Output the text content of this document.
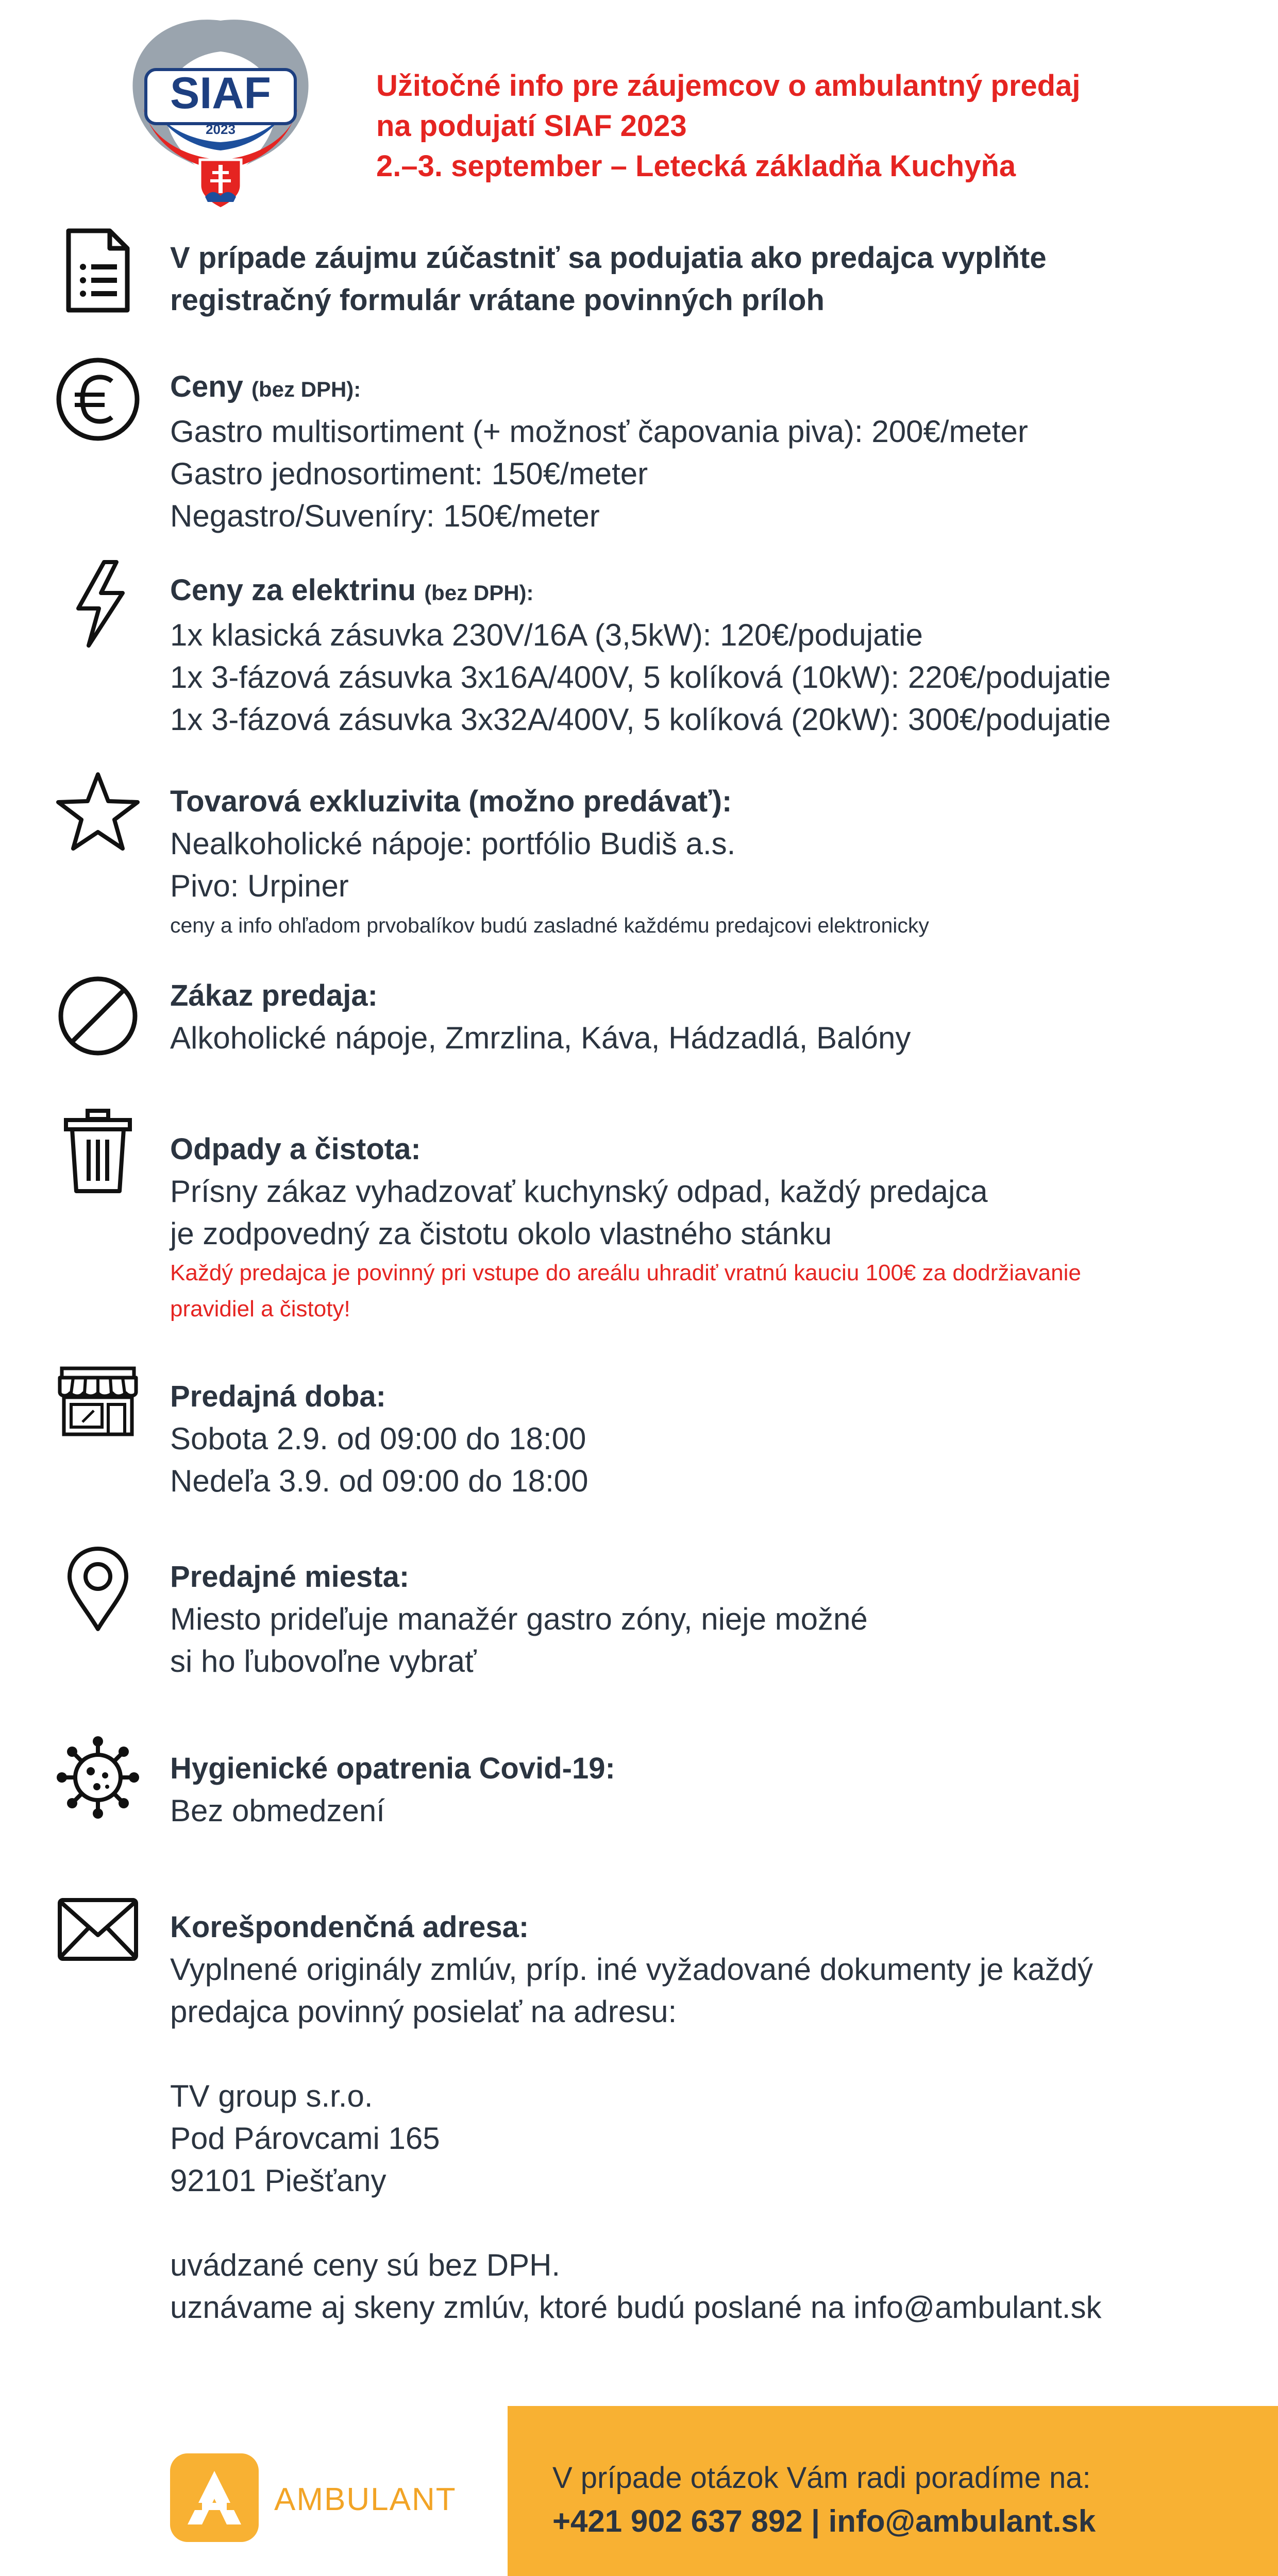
SIAF
2023
Užitočné info pre záujemcov o ambulantný predaj
na podujatí SIAF 2023
2.–3. september – Letecká základňa Kuchyňa
V prípade záujmu zúčastniť sa podujatia ako predajca vyplňte
registračný formulár vrátane povinných príloh
Ceny (bez DPH):
Gastro multisortiment (+ možnosť čapovania piva): 200€/meter
Gastro jednosortiment: 150€/meter
Negastro/Suveníry: 150€/meter
Ceny za elektrinu (bez DPH):
1x klasická zásuvka 230V/16A (3,5kW): 120€/podujatie
1x 3-fázová zásuvka 3x16A/400V, 5 kolíková (10kW): 220€/podujatie
1x 3-fázová zásuvka 3x32A/400V, 5 kolíková (20kW): 300€/podujatie
Tovarová exkluzivita (možno predávať):
Nealkoholické nápoje: portfólio Budiš a.s.
Pivo: Urpiner
ceny a info ohľadom prvobalíkov budú zasladné každému predajcovi elektronicky
Zákaz predaja:
Alkoholické nápoje, Zmrzlina, Káva, Hádzadlá, Balóny
Odpady a čistota:
Prísny zákaz vyhadzovať kuchynský odpad, každý predajca
je zodpovedný za čistotu okolo vlastného stánku
Každý predajca je povinný pri vstupe do areálu uhradiť vratnú kauciu 100€ za dodržiavanie
pravidiel a čistoty!
Predajná doba:
Sobota 2.9. od 09:00 do 18:00
Nedeľa 3.9. od 09:00 do 18:00
Predajné miesta:
Miesto prideľuje manažér gastro zóny, nieje možné
si ho ľubovoľne vybrať
Hygienické opatrenia Covid-19:
Bez obmedzení
Korešpondenčná adresa:
Vyplnené originály zmlúv, príp. iné vyžadované dokumenty je každý
predajca povinný posielať na adresu:
TV group s.r.o.
Pod Párovcami 165
92101 Piešťany
uvádzané ceny sú bez DPH.
uznávame aj skeny zmlúv, ktoré budú poslané na info@ambulant.sk
AMBULANT
V prípade otázok Vám radi poradíme na:
+421 902 637 892 | info@ambulant.sk
